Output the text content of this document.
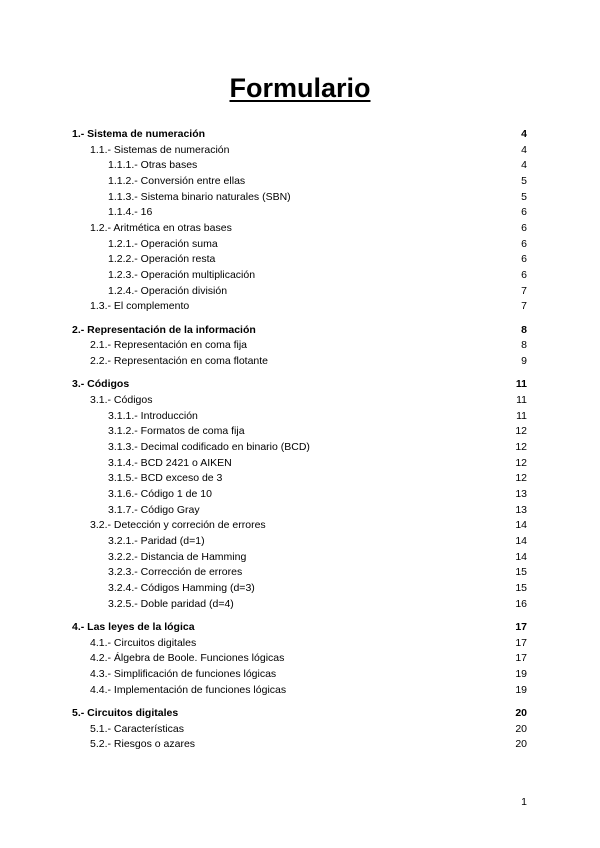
Formulario
1.- Sistema de numeración	4
1.1.- Sistemas de numeración	4
1.1.1.- Otras bases	4
1.1.2.- Conversión entre ellas	5
1.1.3.- Sistema binario naturales (SBN)	5
1.1.4.- 16	6
1.2.- Aritmética en otras bases	6
1.2.1.- Operación suma	6
1.2.2.- Operación resta	6
1.2.3.- Operación multiplicación	6
1.2.4.- Operación división	7
1.3.- El complemento	7
2.- Representación de la información	8
2.1.- Representación en coma fija	8
2.2.- Representación en coma flotante	9
3.- Códigos	11
3.1.- Códigos	11
3.1.1.- Introducción	11
3.1.2.- Formatos de coma fija	12
3.1.3.- Decimal codificado en binario (BCD)	12
3.1.4.- BCD 2421 o AIKEN	12
3.1.5.- BCD exceso de 3	12
3.1.6.- Código 1 de 10	13
3.1.7.- Código Gray	13
3.2.- Detección y correción de errores	14
3.2.1.- Paridad (d=1)	14
3.2.2.- Distancia de Hamming	14
3.2.3.- Corrección de errores	15
3.2.4.- Códigos Hamming (d=3)	15
3.2.5.- Doble paridad (d=4)	16
4.- Las leyes de la lógica	17
4.1.- Circuitos digitales	17
4.2.- Álgebra de Boole. Funciones lógicas	17
4.3.- Simplificación de funciones lógicas	19
4.4.- Implementación de funciones lógicas	19
5.- Circuitos digitales	20
5.1.- Características	20
5.2.- Riesgos o azares	20
1
